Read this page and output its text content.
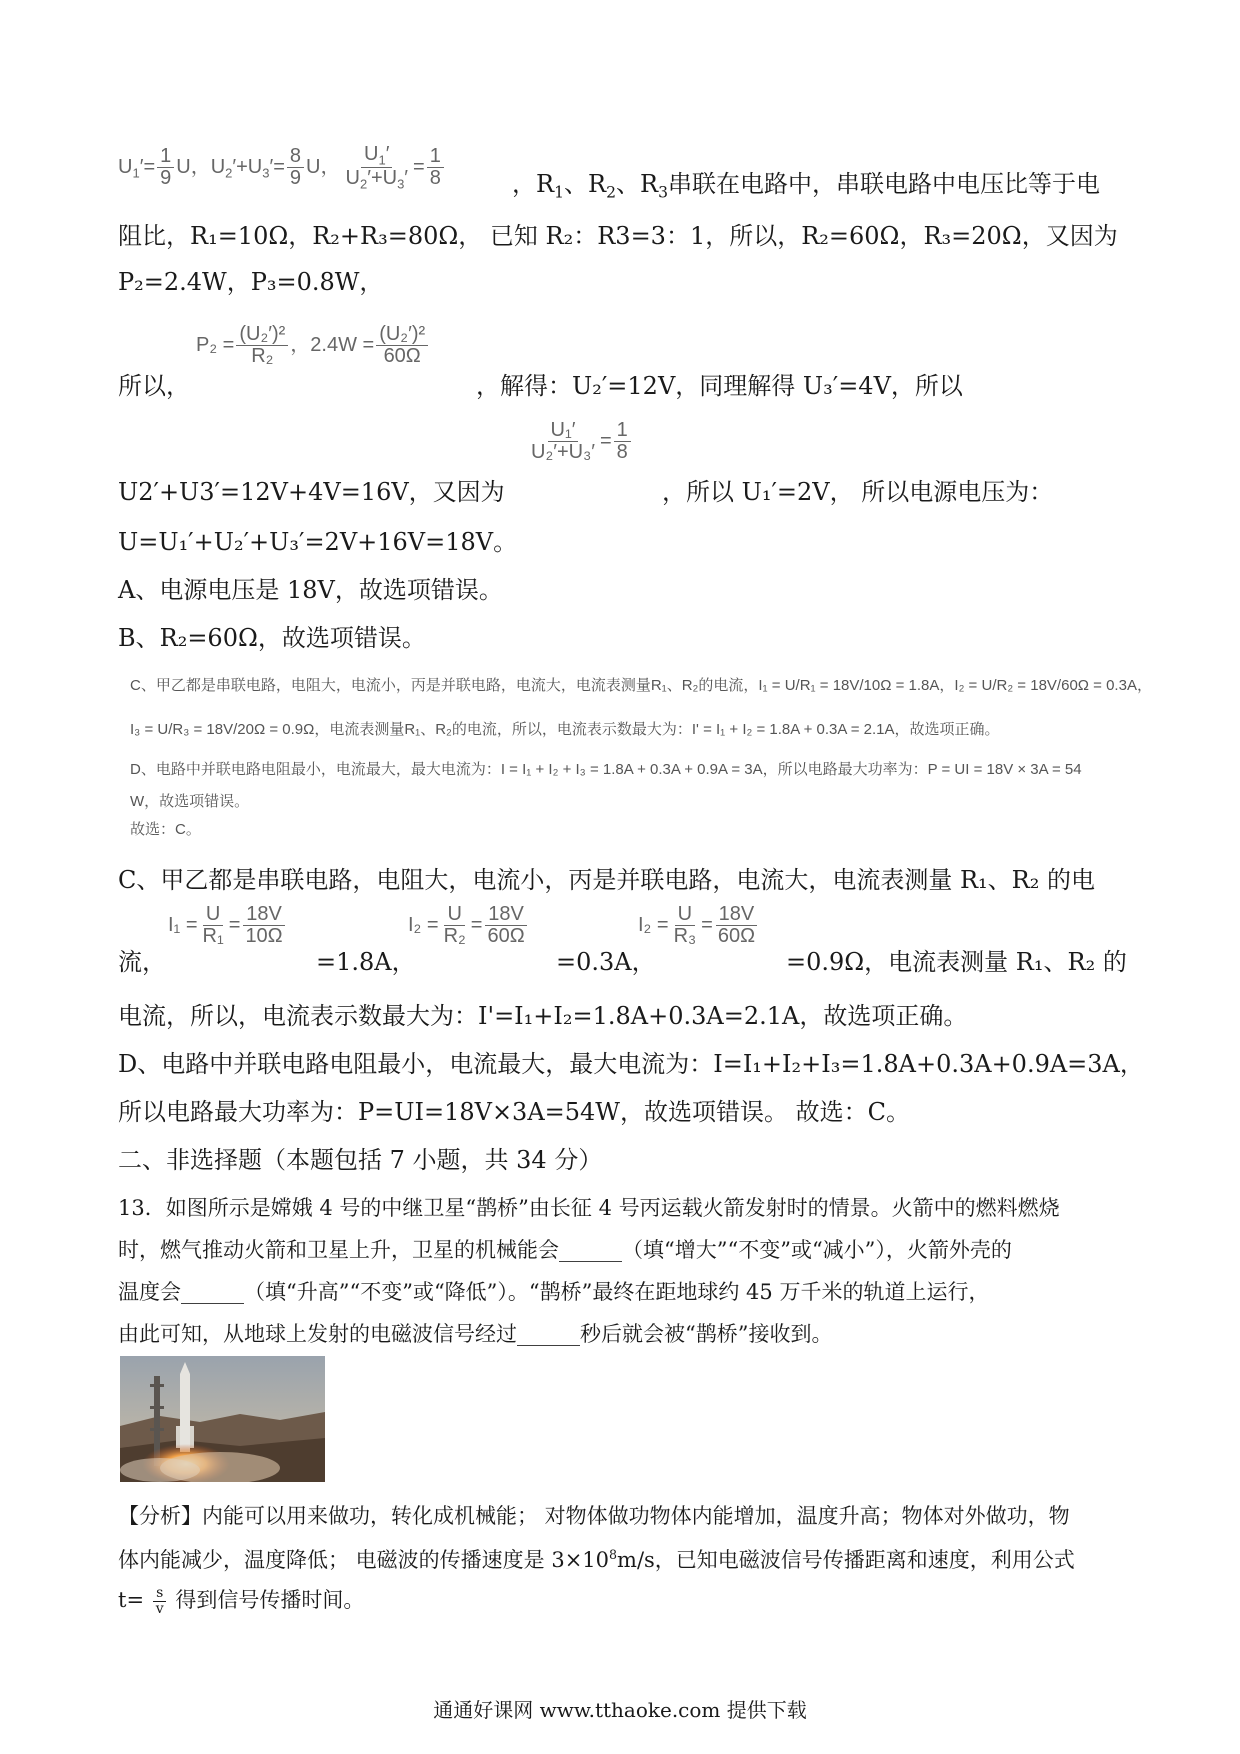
$U_1'= \frac{1}{9}$ U，$U_2'+U_3'= \frac{8}{9}$ U， $\frac{U_1'}{U_2'+U_3'} = \frac{1}{8}$	，$R_1$、$R_2$、$R_3$串联在电路中，串联电路中电压比等于电
阻比，R₁=10Ω，R₂+R₃=80Ω， 已知 R₂：R3=3：1，所以，R₂=60Ω，R₃=20Ω，又因为
P₂=2.4W，P₃=0.8W，
所以，
$P_2 = \frac{\text{(U₂′)²}}{\text{R₂}}$ ，$2.4W = \frac{\text{(U₂′)²}}{60\Omega}$
，解得：U₂′=12V，同理解得 U₃′=4V，所以
U2′+U3′=12V+4V=16V，又因为
$\frac{\text{U₁′}}{\text{U₂′+U₃′}} = \frac{1}{8}$
，所以 U₁′=2V， 所以电源电压为：
U=U₁′+U₂′+U₃′=2V+16V=18V。
A、电源电压是 18V，故选项错误。
B、R₂=60Ω，故选项错误。
C、甲乙都是串联电路，电阻大，电流小，丙是并联电路，电流大，电流表测量R₁、R₂的电流，I₁ = U/R₁ = 18V/10Ω = 1.8A，I₂ = U/R₂ = 18V/60Ω = 0.3A，
I₃ = U/R₃ = 18V/20Ω = 0.9Ω，电流表测量R₁、R₂的电流，所以，电流表示数最大为：I' = I₁ + I₂ = 1.8A + 0.3A = 2.1A，故选项正确。
D、电路中并联电路电阻最小，电流最大，最大电流为：I = I₁ + I₂ + I₃ = 1.8A + 0.3A + 0.9A = 3A，所以电路最大功率为：P = UI = 18V × 3A = 54
W，故选项错误。
故选：C。
C、甲乙都是串联电路，电阻大，电流小，丙是并联电路，电流大，电流表测量 R₁、R₂ 的电
流，
$I_1 = \frac{U}{\text{R₁}} = \frac{18V}{10\Omega}$
=1.8A，
$I_2 = \frac{U}{\text{R₂}} = \frac{18V}{60\Omega}$
=0.3A，
$I_2 = \frac{U}{\text{R₃}} = \frac{18V}{60\Omega}$
=0.9Ω，电流表测量 R₁、R₂ 的
电流，所以，电流表示数最大为：I'=I₁+I₂=1.8A+0.3A=2.1A，故选项正确。
D、电路中并联电路电阻最小，电流最大，最大电流为：I=I₁+I₂+I₃=1.8A+0.3A+0.9A=3A，
所以电路最大功率为：P=UI=18V×3A=54W，故选项错误。 故选：C。
二、非选择题（本题包括 7 小题，共 34 分）
13．如图所示是嫦娥 4 号的中继卫星“鹊桥”由长征 4 号丙运载火箭发射时的情景。火箭中的燃料燃烧
时，燃气推动火箭和卫星上升，卫星的机械能会______（填“增大”“不变”或“减小”），火箭外壳的
温度会______（填“升高”“不变”或“降低”）。“鹊桥”最终在距地球约 45 万千米的轨道上运行，
由此可知，从地球上发射的电磁波信号经过______秒后就会被“鹊桥”接收到。
【分析】内能可以用来做功，转化成机械能； 对物体做功物体内能增加，温度升高；物体对外做功，物
体内能减少，温度降低； 电磁波的传播速度是 $3\times 10^8m/s$，已知电磁波信号传播距离和速度，利用公式
$t= \frac{s}{v}$ 得到信号传播时间。
通通好课网 www.tthaoke.com 提供下载
